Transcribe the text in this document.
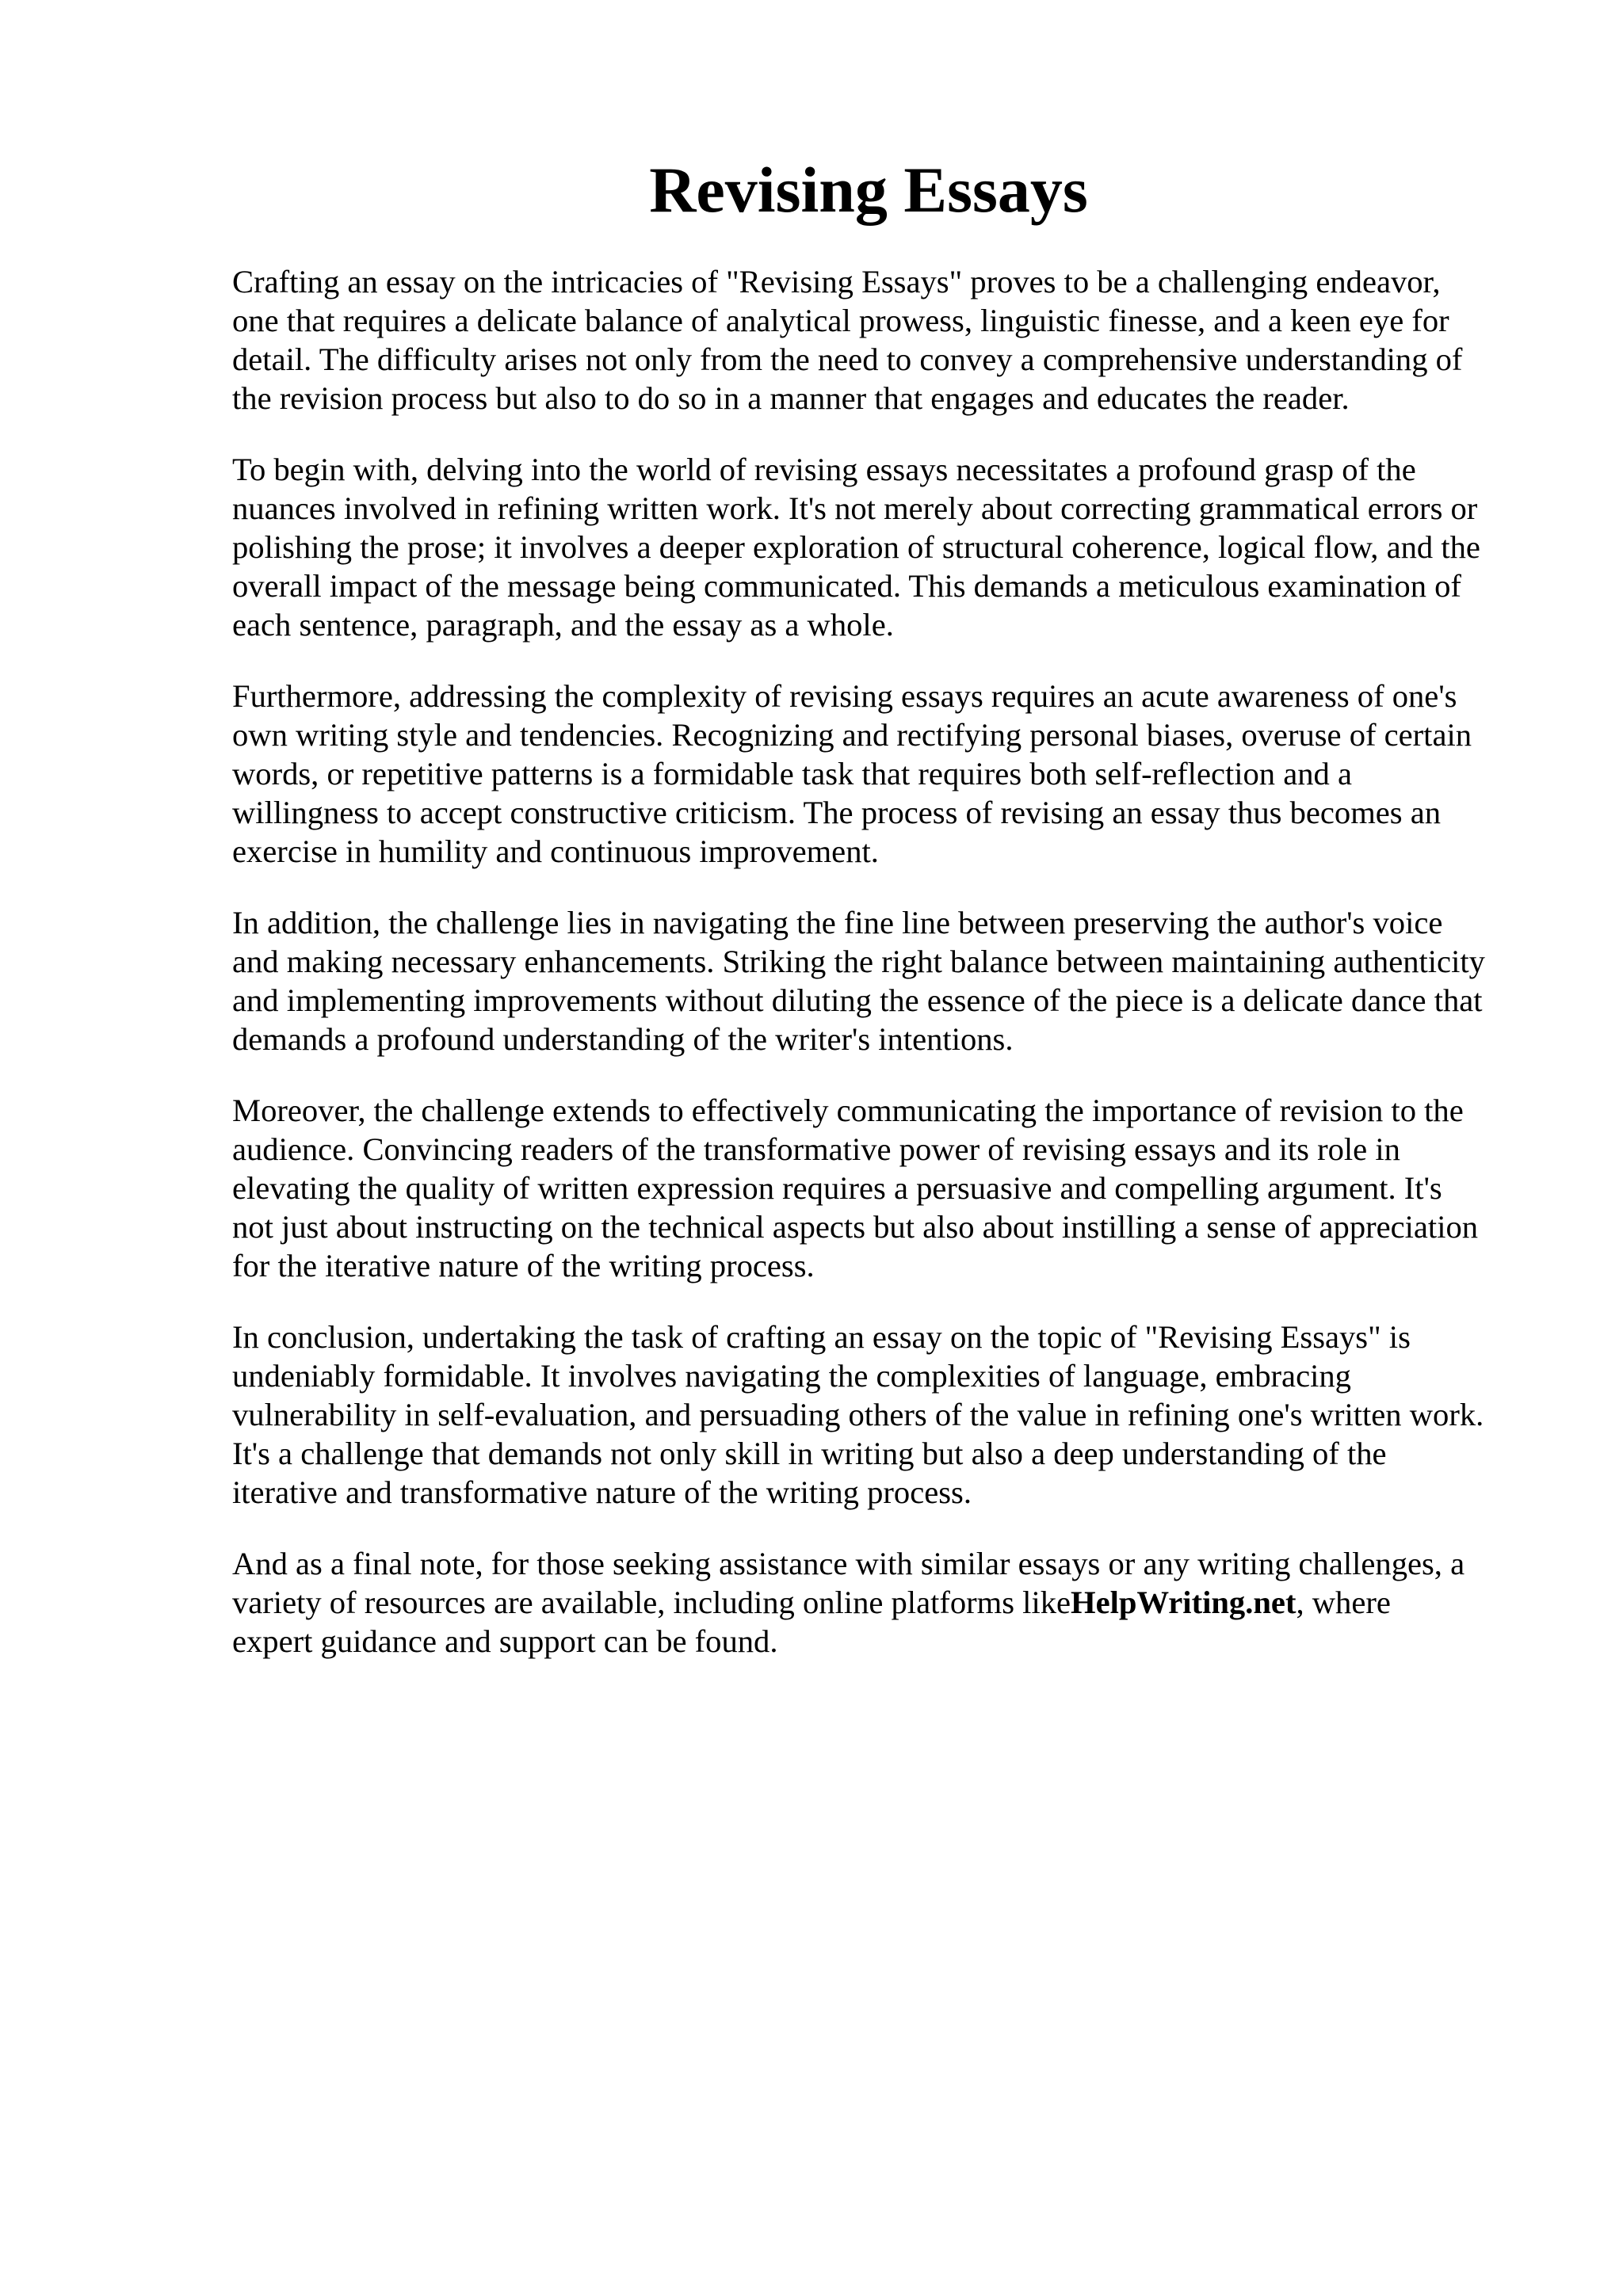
Revising Essays

Crafting an essay on the intricacies of "Revising Essays" proves to be a challenging endeavor,
one that requires a delicate balance of analytical prowess, linguistic finesse, and a keen eye for
detail. The difficulty arises not only from the need to convey a comprehensive understanding of
the revision process but also to do so in a manner that engages and educates the reader.

To begin with, delving into the world of revising essays necessitates a profound grasp of the
nuances involved in refining written work. It's not merely about correcting grammatical errors or
polishing the prose; it involves a deeper exploration of structural coherence, logical flow, and the
overall impact of the message being communicated. This demands a meticulous examination of
each sentence, paragraph, and the essay as a whole.

Furthermore, addressing the complexity of revising essays requires an acute awareness of one's
own writing style and tendencies. Recognizing and rectifying personal biases, overuse of certain
words, or repetitive patterns is a formidable task that requires both self-reflection and a
willingness to accept constructive criticism. The process of revising an essay thus becomes an
exercise in humility and continuous improvement.

In addition, the challenge lies in navigating the fine line between preserving the author's voice
and making necessary enhancements. Striking the right balance between maintaining authenticity
and implementing improvements without diluting the essence of the piece is a delicate dance that
demands a profound understanding of the writer's intentions.

Moreover, the challenge extends to effectively communicating the importance of revision to the
audience. Convincing readers of the transformative power of revising essays and its role in
elevating the quality of written expression requires a persuasive and compelling argument. It's
not just about instructing on the technical aspects but also about instilling a sense of appreciation
for the iterative nature of the writing process.

In conclusion, undertaking the task of crafting an essay on the topic of "Revising Essays" is
undeniably formidable. It involves navigating the complexities of language, embracing
vulnerability in self-evaluation, and persuading others of the value in refining one's written work.
It's a challenge that demands not only skill in writing but also a deep understanding of the
iterative and transformative nature of the writing process.

And as a final note, for those seeking assistance with similar essays or any writing challenges, a
variety of resources are available, including online platforms likeHelpWriting.net, where
expert guidance and support can be found.
